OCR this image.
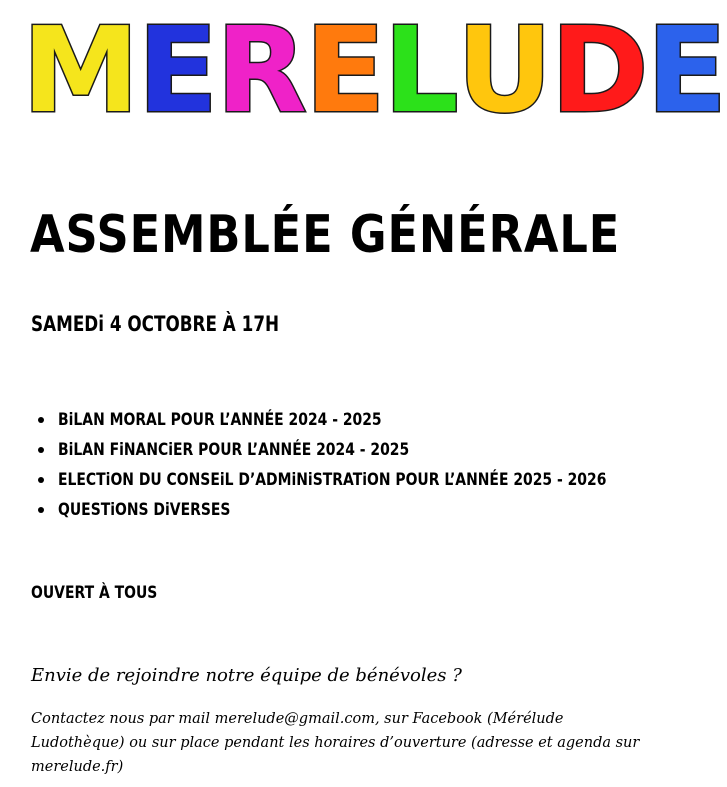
M E R E L U D E
ASSEMBLÉE GÉNÉRALE
SAMEDi 4 OCTOBRE À 17H
BiLAN MORAL POUR L’ANNÉE 2024 - 2025
BiLAN FiNANCiER POUR L’ANNÉE 2024 - 2025
ELECTiON DU CONSEiL D’ADMiNiSTRATiON POUR L’ANNÉE 2025 - 2026
QUESTiONS DiVERSES
OUVERT À TOUS
Envie de rejoindre notre équipe de bénévoles ?
Contactez nous par mail merelude@gmail.com, sur Facebook (Mérélude Ludothèque) ou sur place pendant les horaires d’ouverture (adresse et agenda sur merelude.fr)
